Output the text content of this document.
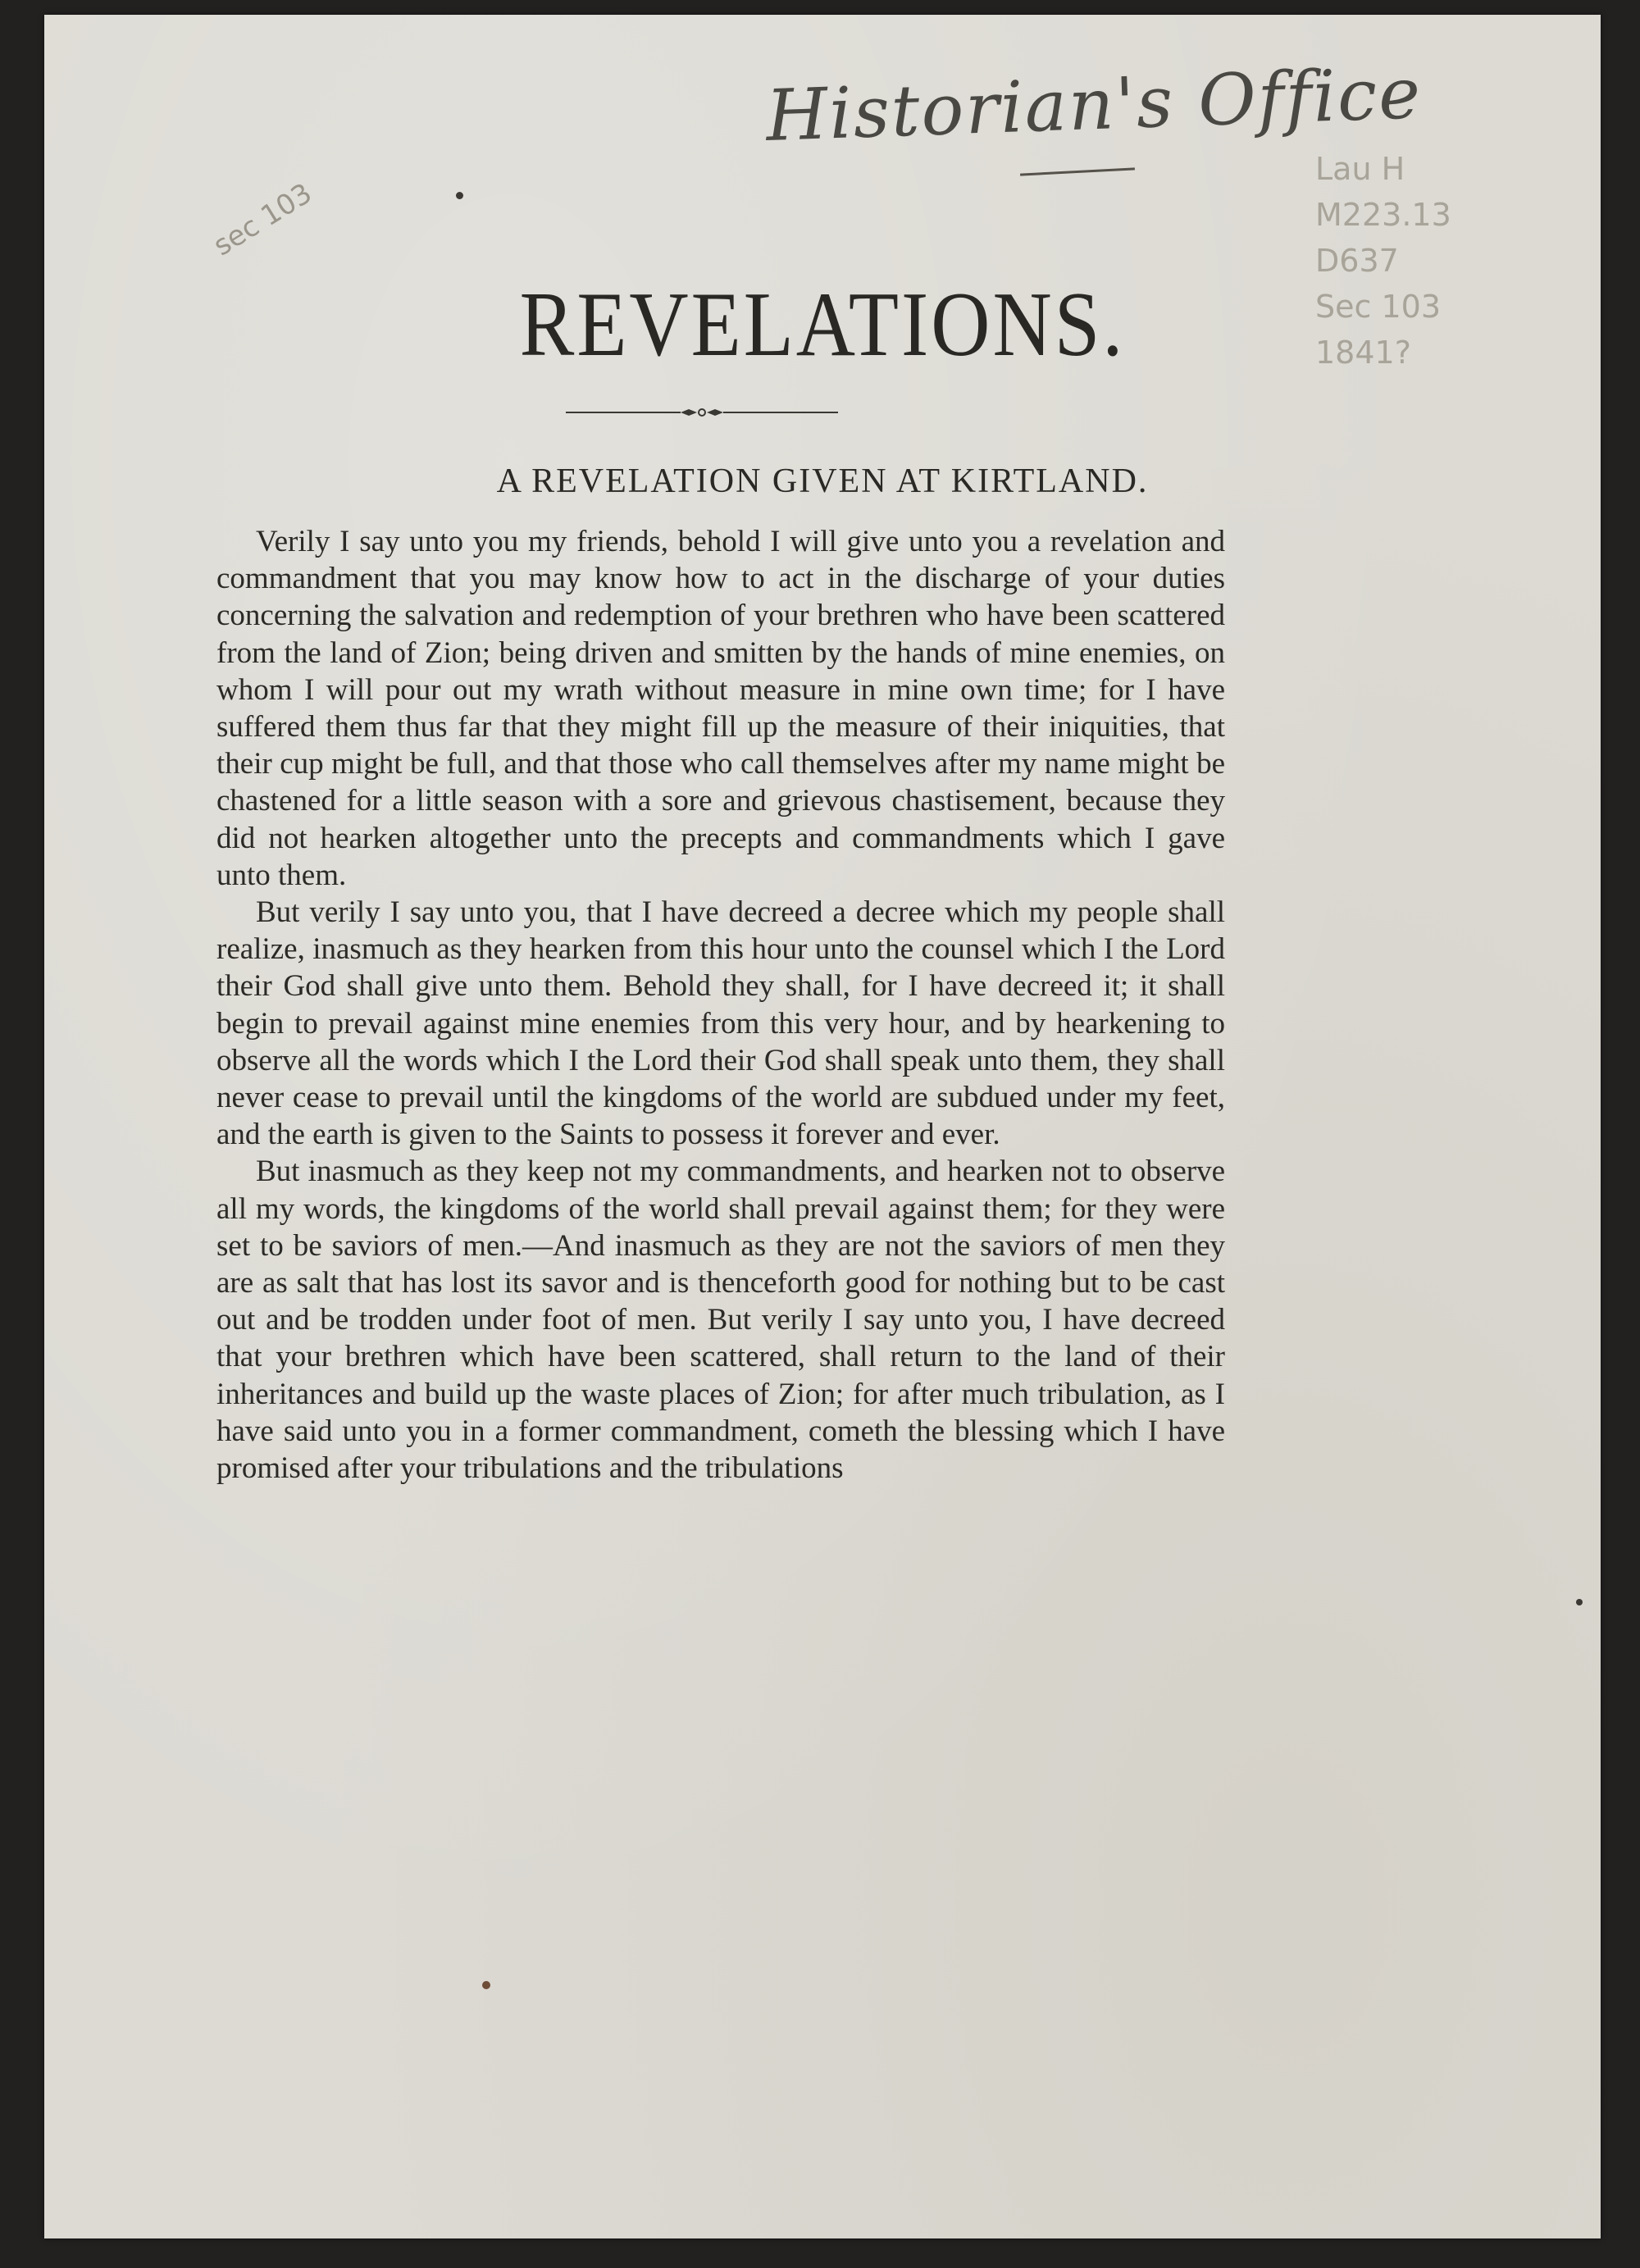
Historian's Office
sec 103
Lau H
M223.13
D637
Sec 103
1841?
REVELATIONS.
A REVELATION GIVEN AT KIRTLAND.

Verily I say unto you my friends, behold I will give unto you a revelation and commandment that you may know how to act in the discharge of your duties concerning the salvation and redemption of your brethren who have been scattered from the land of Zion; being driven and smitten by the hands of mine enemies, on whom I will pour out my wrath without measure in mine own time; for I have suffered them thus far that they might fill up the measure of their iniquities, that their cup might be full, and that those who call themselves after my name might be chastened for a little season with a sore and grievous chastisement, because they did not hearken altogether unto the precepts and commandments which I gave unto them.

But verily I say unto you, that I have decreed a decree which my people shall realize, inasmuch as they hearken from this hour unto the counsel which I the Lord their God shall give unto them. Behold they shall, for I have decreed it; it shall begin to prevail against mine enemies from this very hour, and by hearkening to observe all the words which I the Lord their God shall speak unto them, they shall never cease to prevail until the kingdoms of the world are subdued under my feet, and the earth is given to the Saints to possess it forever and ever.

But inasmuch as they keep not my commandments, and hearken not to observe all my words, the kingdoms of the world shall prevail against them; for they were set to be saviors of men.—And inasmuch as they are not the saviors of men they are as salt that has lost its savor and is thenceforth good for nothing but to be cast out and be trodden under foot of men. But verily I say unto you, I have decreed that your brethren which have been scattered, shall return to the land of their inheritances and build up the waste places of Zion; for after much tribulation, as I have said unto you in a former commandment, cometh the blessing which I have promised after your tribulations and the tribulations
